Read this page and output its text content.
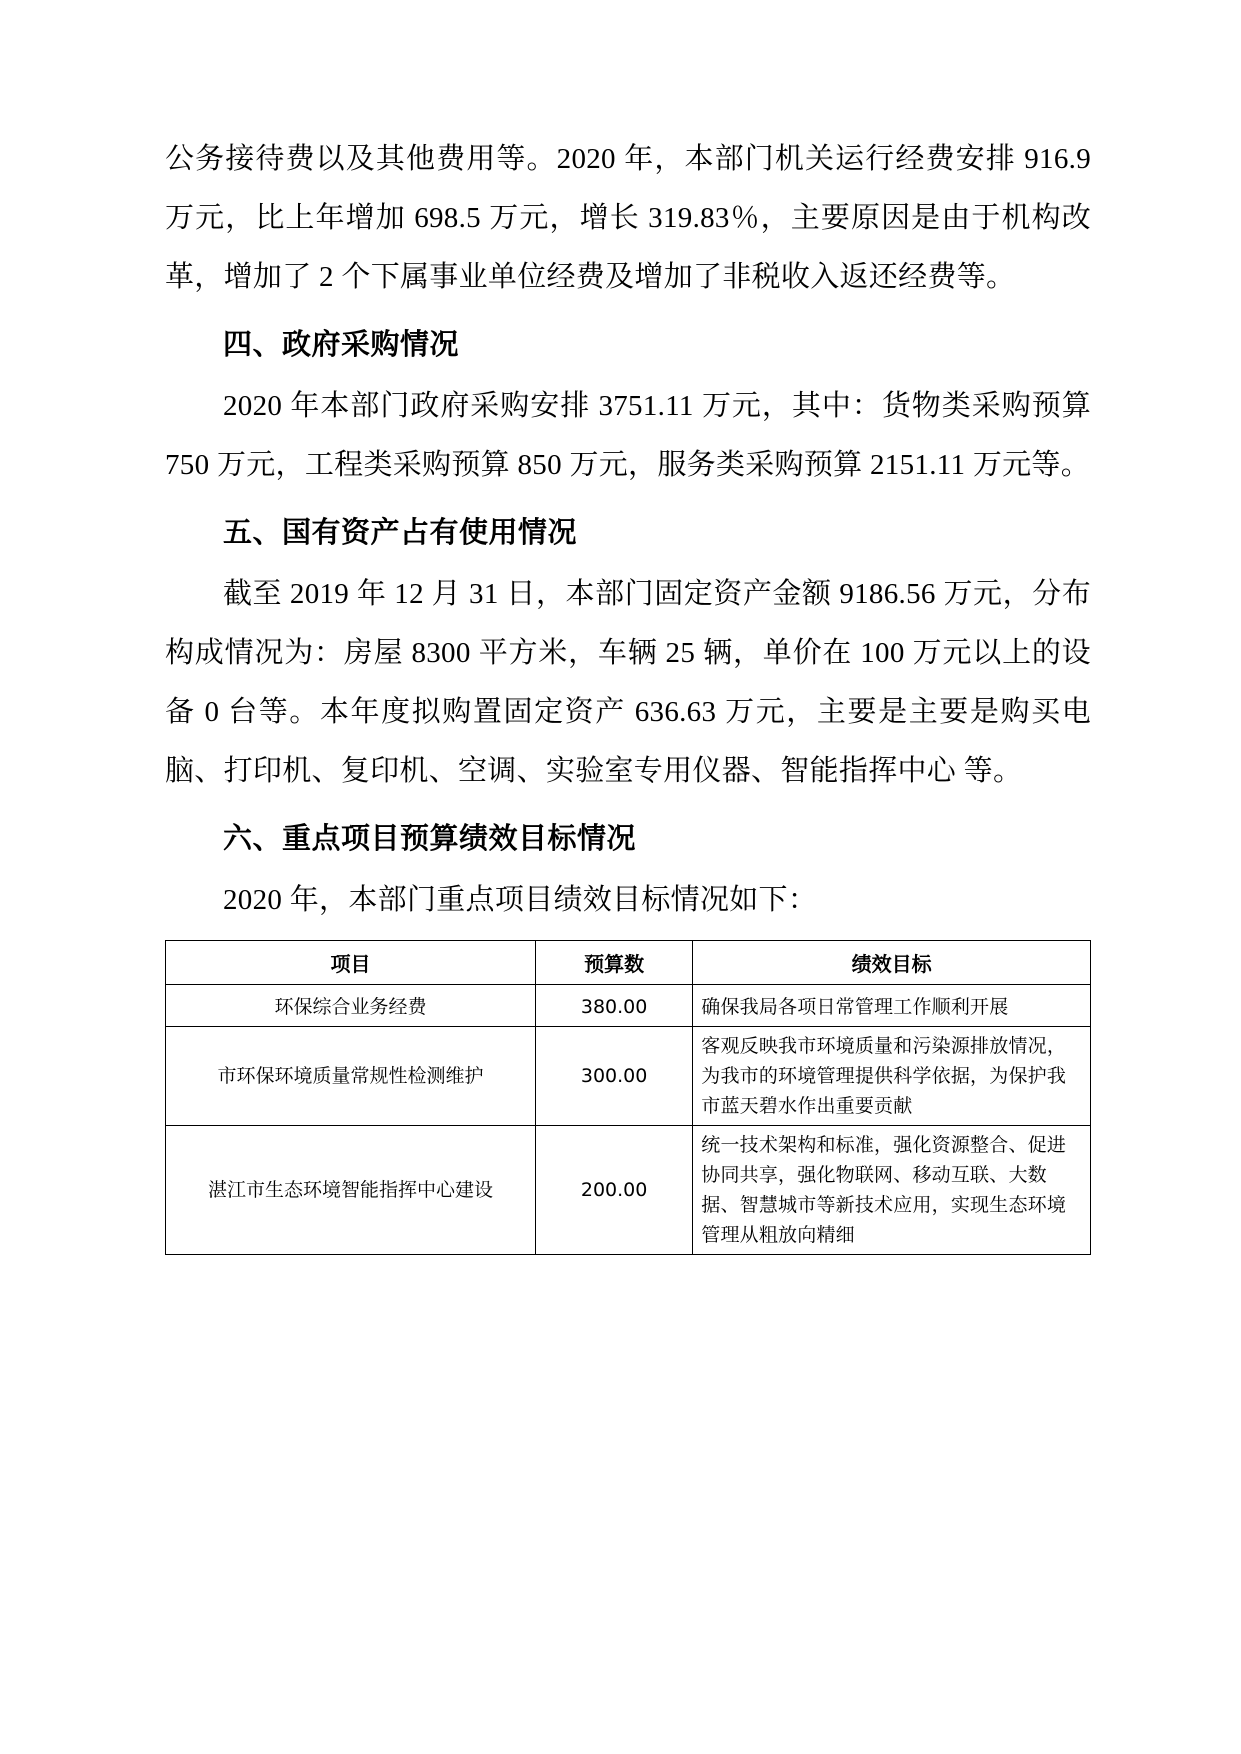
公务接待费以及其他费用等。2020 年，本部门机关运行经费安排 916.9 万元，比上年增加 698.5 万元，增长 319.83％，主要原因是由于机构改革，增加了 2 个下属事业单位经费及增加了非税收入返还经费等。

四、政府采购情况

2020 年本部门政府采购安排 3751.11 万元，其中：货物类采购预算 750 万元，工程类采购预算 850 万元，服务类采购预算 2151.11 万元等。

五、国有资产占有使用情况

截至 2019 年 12 月 31 日，本部门固定资产金额 9186.56 万元，分布构成情况为：房屋 8300 平方米，车辆 25 辆，单价在 100 万元以上的设备 0 台等。本年度拟购置固定资产 636.63 万元，主要是主要是购买电脑、打印机、复印机、空调、实验室专用仪器、智能指挥中心 等。

六、重点项目预算绩效目标情况

2020 年，本部门重点项目绩效目标情况如下：

项目	预算数	绩效目标
环保综合业务经费	380.00	确保我局各项日常管理工作顺利开展
市环保环境质量常规性检测维护	300.00	客观反映我市环境质量和污染源排放情况，为我市的环境管理提供科学依据，为保护我市蓝天碧水作出重要贡献
湛江市生态环境智能指挥中心建设	200.00	统一技术架构和标准，强化资源整合、促进协同共享，强化物联网、移动互联、大数据、智慧城市等新技术应用，实现生态环境管理从粗放向精细
